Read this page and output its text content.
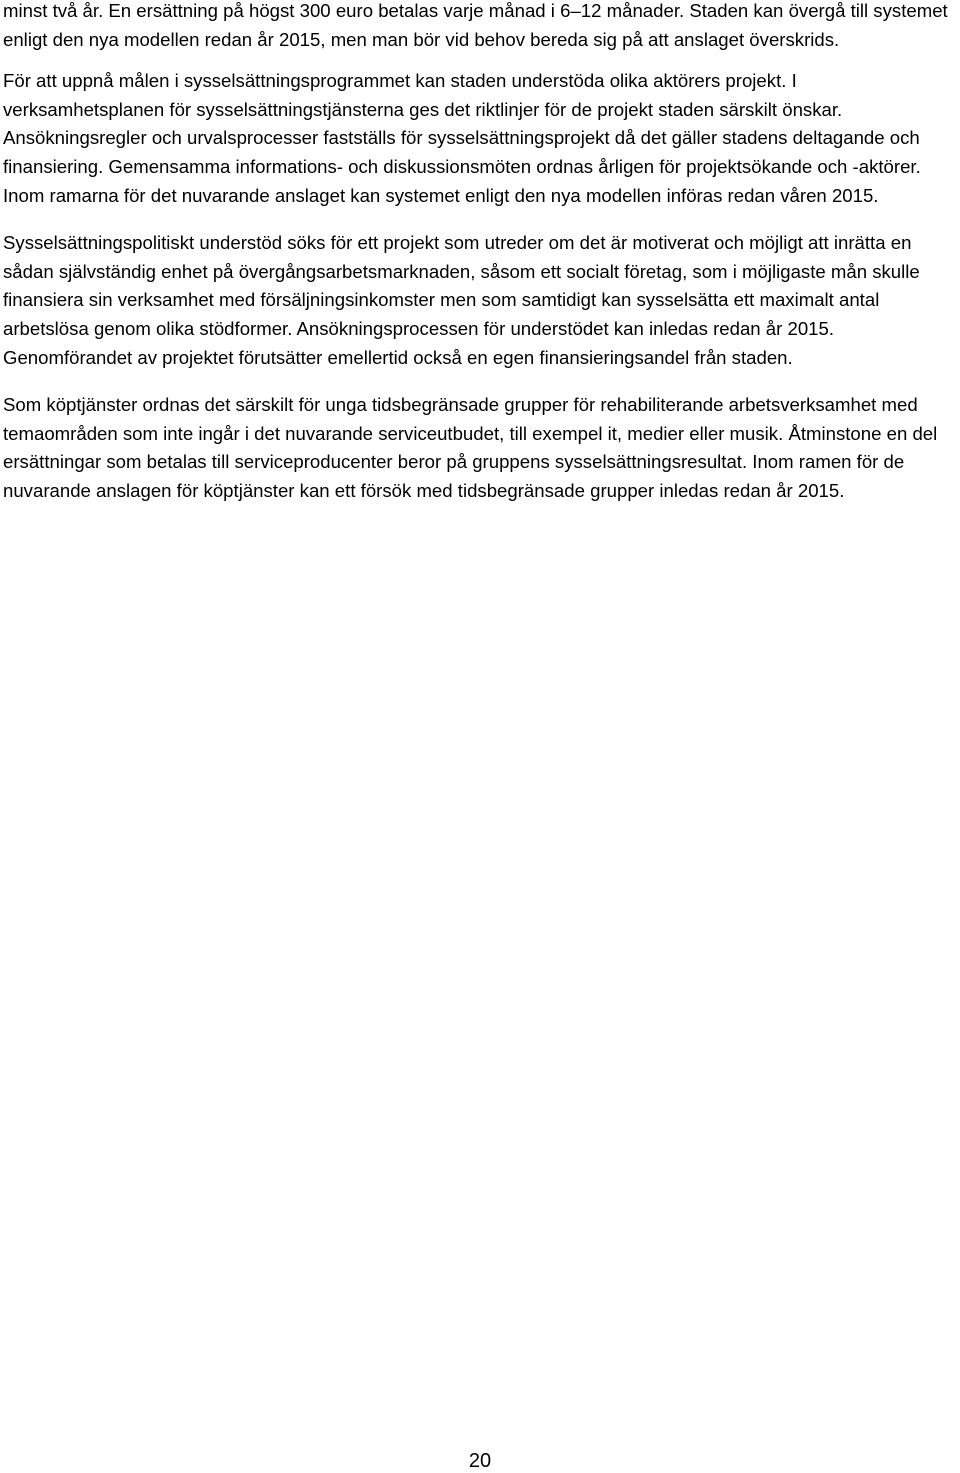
minst två år. En ersättning på högst 300 euro betalas varje månad i 6–12 månader. Staden kan övergå till systemet enligt den nya modellen redan år 2015, men man bör vid behov bereda sig på att anslaget överskrids.

För att uppnå målen i sysselsättningsprogrammet kan staden understöda olika aktörers projekt. I verksamhetsplanen för sysselsättningstjänsterna ges det riktlinjer för de projekt staden särskilt önskar. Ansökningsregler och urvalsprocesser fastställs för sysselsättningsprojekt då det gäller stadens deltagande och finansiering. Gemensamma informations- och diskussionsmöten ordnas årligen för projektsökande och -aktörer. Inom ramarna för det nuvarande anslaget kan systemet enligt den nya modellen införas redan våren 2015.

Sysselsättningspolitiskt understöd söks för ett projekt som utreder om det är motiverat och möjligt att inrätta en sådan självständig enhet på övergångsarbetsmarknaden, såsom ett socialt företag, som i möjligaste mån skulle finansiera sin verksamhet med försäljningsinkomster men som samtidigt kan sysselsätta ett maximalt antal arbetslösa genom olika stödformer. Ansökningsprocessen för understödet kan inledas redan år 2015. Genomförandet av projektet förutsätter emellertid också en egen finansieringsandel från staden.

Som köptjänster ordnas det särskilt för unga tidsbegränsade grupper för rehabiliterande arbetsverksamhet med temaområden som inte ingår i det nuvarande serviceutbudet, till exempel it, medier eller musik. Åtminstone en del ersättningar som betalas till serviceproducenter beror på gruppens sysselsättningsresultat. Inom ramen för de nuvarande anslagen för köptjänster kan ett försök med tidsbegränsade grupper inledas redan år 2015.

20
